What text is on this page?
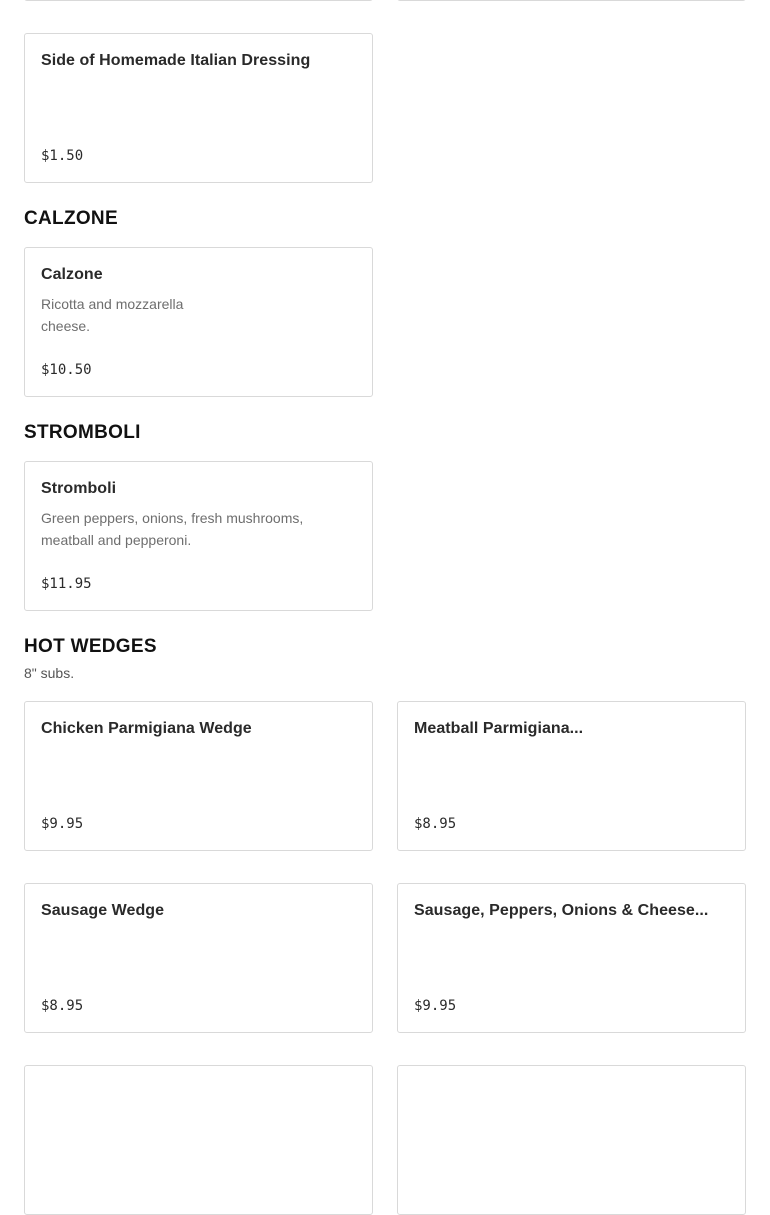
Side of Homemade Italian Dressing
$1.50
CALZONE
Calzone
Ricotta and mozzarella
cheese.
$10.50
STROMBOLI
Stromboli
Green peppers, onions, fresh mushrooms,
meatball and pepperoni.
$11.95
HOT WEDGES
8" subs.
Chicken Parmigiana Wedge
$9.95
Meatball Parmigiana...
$8.95
Sausage Wedge
$8.95
Sausage, Peppers, Onions & Cheese...
$9.95
